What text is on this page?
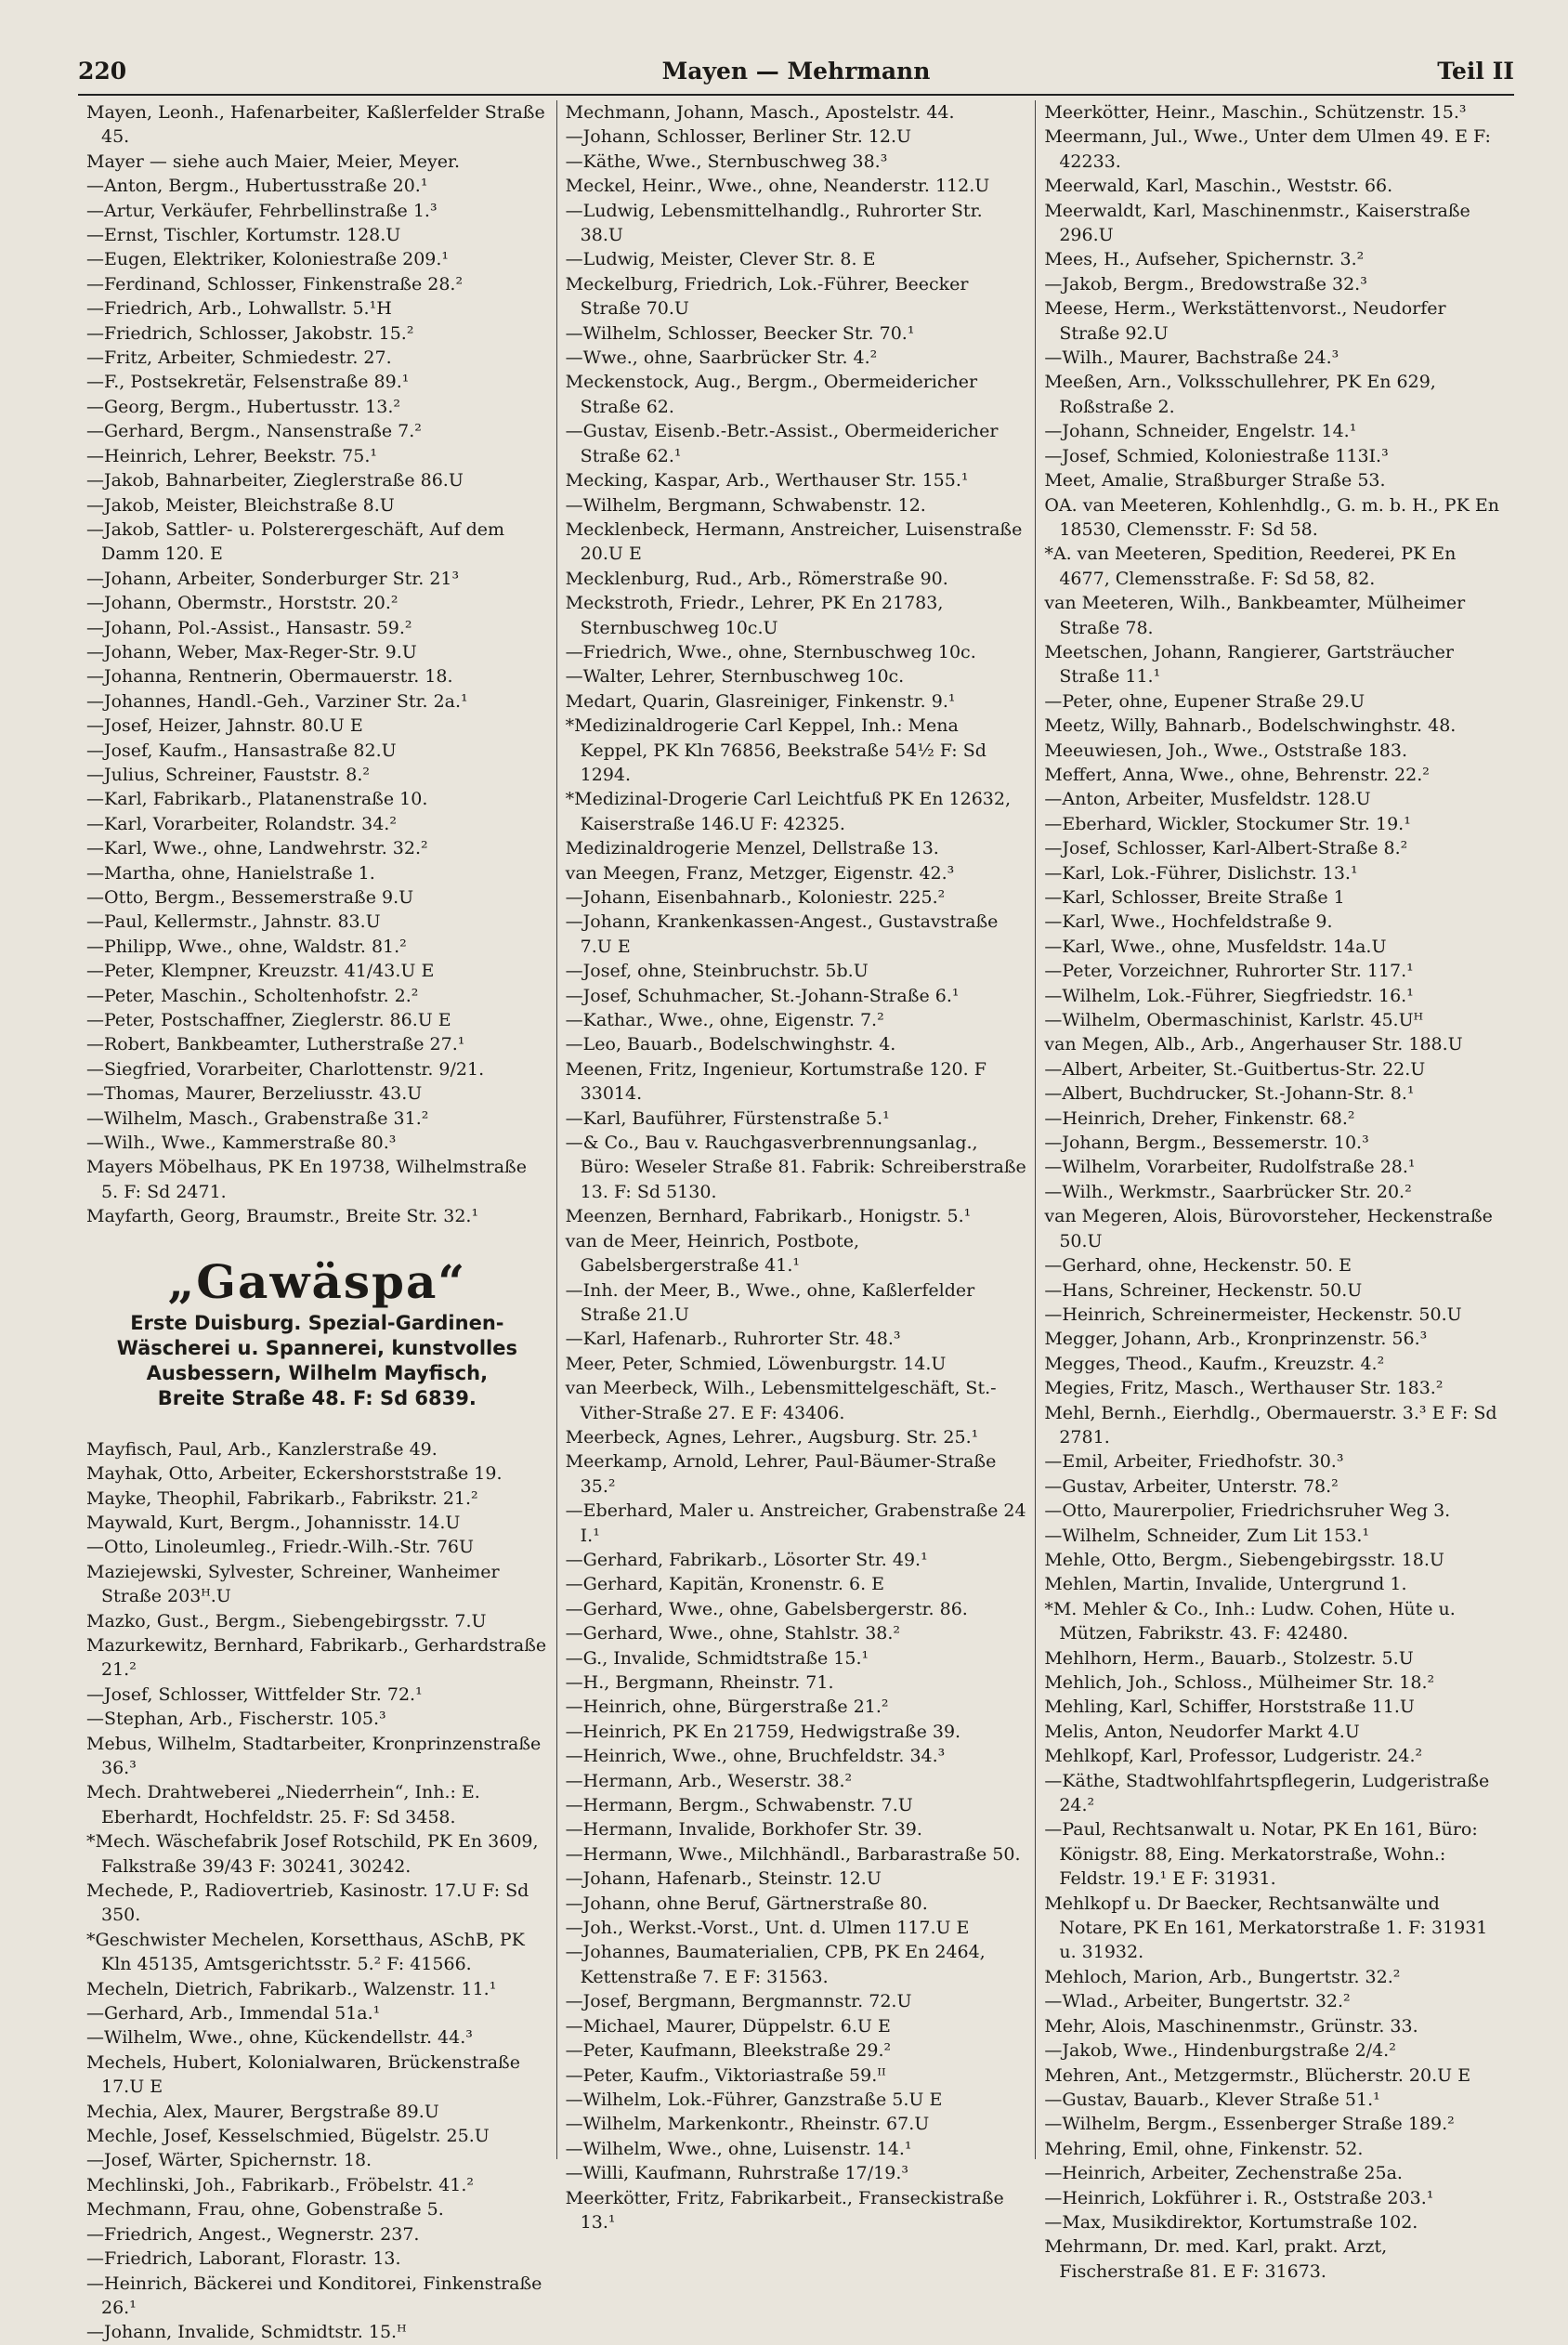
220	Mayen — Mehrmann	Teil II

Mayen, Leonh., Hafenarbeiter, Kaßlerfelder Straße 45.

Mayer — siehe auch Maier, Meier, Meyer.

—Anton, Bergm., Hubertusstraße 20.¹

—Artur, Verkäufer, Fehrbellinstraße 1.³

—Ernst, Tischler, Kortumstr. 128.U

—Eugen, Elektriker, Koloniestraße 209.¹

—Ferdinand, Schlosser, Finkenstraße 28.²

—Friedrich, Arb., Lohwallstr. 5.¹H

—Friedrich, Schlosser, Jakobstr. 15.²

—Fritz, Arbeiter, Schmiedestr. 27.

—F., Postsekretär, Felsenstraße 89.¹

—Georg, Bergm., Hubertusstr. 13.²

—Gerhard, Bergm., Nansenstraße 7.²

—Heinrich, Lehrer, Beekstr. 75.¹

—Jakob, Bahnarbeiter, Zieglerstraße 86.U

—Jakob, Meister, Bleichstraße 8.U

—Jakob, Sattler- u. Polsterergeschäft, Auf dem Damm 120. E

—Johann, Arbeiter, Sonderburger Str. 21³

—Johann, Obermstr., Horststr. 20.²

—Johann, Pol.-Assist., Hansastr. 59.²

—Johann, Weber, Max-Reger-Str. 9.U

—Johanna, Rentnerin, Obermauerstr. 18.

—Johannes, Handl.-Geh., Varziner Str. 2a.¹

—Josef, Heizer, Jahnstr. 80.U E

—Josef, Kaufm., Hansastraße 82.U

—Julius, Schreiner, Fauststr. 8.²

—Karl, Fabrikarb., Platanenstraße 10.

—Karl, Vorarbeiter, Rolandstr. 34.²

—Karl, Wwe., ohne, Landwehrstr. 32.²

—Martha, ohne, Hanielstraße 1.

—Otto, Bergm., Bessemerstraße 9.U

—Paul, Kellermstr., Jahnstr. 83.U

—Philipp, Wwe., ohne, Waldstr. 81.²

—Peter, Klempner, Kreuzstr. 41/43.U E

—Peter, Maschin., Scholtenhofstr. 2.²

—Peter, Postschaffner, Zieglerstr. 86.U E

—Robert, Bankbeamter, Lutherstraße 27.¹

—Siegfried, Vorarbeiter, Charlottenstr. 9/21.

—Thomas, Maurer, Berzeliusstr. 43.U

—Wilhelm, Masch., Grabenstraße 31.²

—Wilh., Wwe., Kammerstraße 80.³

Mayers Möbelhaus, PK En 19738, Wilhelmstraße 5. F: Sd 2471.

Mayfarth, Georg, Braumstr., Breite Str. 32.¹

„Gawäspa“
Erste Duisburg. Spezial-Gardinen-
Wäscherei u. Spannerei, kunstvolles
Ausbessern, Wilhelm Mayfisch,
Breite Straße 48. F: Sd 6839.

Mayfisch, Paul, Arb., Kanzlerstraße 49.

Mayhak, Otto, Arbeiter, Eckershorststraße 19.

Mayke, Theophil, Fabrikarb., Fabrikstr. 21.²

Maywald, Kurt, Bergm., Johannisstr. 14.U

—Otto, Linoleumleg., Friedr.-Wilh.-Str. 76U

Maziejewski, Sylvester, Schreiner, Wanheimer Straße 203ᴴ.U

Mazko, Gust., Bergm., Siebengebirgsstr. 7.U

Mazurkewitz, Bernhard, Fabrikarb., Gerhardstraße 21.²

—Josef, Schlosser, Wittfelder Str. 72.¹

—Stephan, Arb., Fischerstr. 105.³

Mebus, Wilhelm, Stadtarbeiter, Kronprinzenstraße 36.³

Mech. Drahtweberei „Niederrhein“, Inh.: E. Eberhardt, Hochfeldstr. 25. F: Sd 3458.

*Mech. Wäschefabrik Josef Rotschild, PK En 3609, Falkstraße 39/43 F: 30241, 30242.

Mechede, P., Radiovertrieb, Kasinostr. 17.U F: Sd 350.

*Geschwister Mechelen, Korsetthaus, ASchB, PK Kln 45135, Amtsgerichtsstr. 5.² F: 41566.

Mecheln, Dietrich, Fabrikarb., Walzenstr. 11.¹

—Gerhard, Arb., Immendal 51a.¹

—Wilhelm, Wwe., ohne, Kückendellstr. 44.³

Mechels, Hubert, Kolonialwaren, Brückenstraße 17.U E

Mechia, Alex, Maurer, Bergstraße 89.U

Mechle, Josef, Kesselschmied, Bügelstr. 25.U

—Josef, Wärter, Spichernstr. 18.

Mechlinski, Joh., Fabrikarb., Fröbelstr. 41.²

Mechmann, Frau, ohne, Gobenstraße 5.

—Friedrich, Angest., Wegnerstr. 237.

—Friedrich, Laborant, Florastr. 13.

—Heinrich, Bäckerei und Konditorei, Finkenstraße 26.¹

—Johann, Invalide, Schmidtstr. 15.ᴴ

Mechmann, Johann, Masch., Apostelstr. 44.

—Johann, Schlosser, Berliner Str. 12.U

—Käthe, Wwe., Sternbuschweg 38.³

Meckel, Heinr., Wwe., ohne, Neanderstr. 112.U

—Ludwig, Lebensmittelhandlg., Ruhrorter Str. 38.U

—Ludwig, Meister, Clever Str. 8. E

Meckelburg, Friedrich, Lok.-Führer, Beecker Straße 70.U

—Wilhelm, Schlosser, Beecker Str. 70.¹

—Wwe., ohne, Saarbrücker Str. 4.²

Meckenstock, Aug., Bergm., Obermeidericher Straße 62.

—Gustav, Eisenb.-Betr.-Assist., Obermeidericher Straße 62.¹

Mecking, Kaspar, Arb., Werthauser Str. 155.¹

—Wilhelm, Bergmann, Schwabenstr. 12.

Mecklenbeck, Hermann, Anstreicher, Luisenstraße 20.U E

Mecklenburg, Rud., Arb., Römerstraße 90.

Meckstroth, Friedr., Lehrer, PK En 21783, Sternbuschweg 10c.U

—Friedrich, Wwe., ohne, Sternbuschweg 10c.

—Walter, Lehrer, Sternbuschweg 10c.

Medart, Quarin, Glasreiniger, Finkenstr. 9.¹

*Medizinaldrogerie Carl Keppel, Inh.: Mena Keppel, PK Kln 76856, Beekstraße 54½ F: Sd 1294.

*Medizinal-Drogerie Carl Leichtfuß PK En 12632, Kaiserstraße 146.U F: 42325.

Medizinaldrogerie Menzel, Dellstraße 13.

van Meegen, Franz, Metzger, Eigenstr. 42.³

—Johann, Eisenbahnarb., Koloniestr. 225.²

—Johann, Krankenkassen-Angest., Gustavstraße 7.U E

—Josef, ohne, Steinbruchstr. 5b.U

—Josef, Schuhmacher, St.-Johann-Straße 6.¹

—Kathar., Wwe., ohne, Eigenstr. 7.²

—Leo, Bauarb., Bodelschwinghstr. 4.

Meenen, Fritz, Ingenieur, Kortumstraße 120. F 33014.

—Karl, Bauführer, Fürstenstraße 5.¹

—& Co., Bau v. Rauchgasverbrennungsanlag., Büro: Weseler Straße 81. Fabrik: Schreiberstraße 13. F: Sd 5130.

Meenzen, Bernhard, Fabrikarb., Honigstr. 5.¹

van de Meer, Heinrich, Postbote, Gabelsbergerstraße 41.¹

—Inh. der Meer, B., Wwe., ohne, Kaßlerfelder Straße 21.U

—Karl, Hafenarb., Ruhrorter Str. 48.³

Meer, Peter, Schmied, Löwenburgstr. 14.U

van Meerbeck, Wilh., Lebensmittelgeschäft, St.-Vither-Straße 27. E F: 43406.

Meerbeck, Agnes, Lehrer., Augsburg. Str. 25.¹

Meerkamp, Arnold, Lehrer, Paul-Bäumer-Straße 35.²

—Eberhard, Maler u. Anstreicher, Grabenstraße 24 I.¹

—Gerhard, Fabrikarb., Lösorter Str. 49.¹

—Gerhard, Kapitän, Kronenstr. 6. E

—Gerhard, Wwe., ohne, Gabelsbergerstr. 86.

—Gerhard, Wwe., ohne, Stahlstr. 38.²

—G., Invalide, Schmidtstraße 15.¹

—H., Bergmann, Rheinstr. 71.

—Heinrich, ohne, Bürgerstraße 21.²

—Heinrich, PK En 21759, Hedwigstraße 39.

—Heinrich, Wwe., ohne, Bruchfeldstr. 34.³

—Hermann, Arb., Weserstr. 38.²

—Hermann, Bergm., Schwabenstr. 7.U

—Hermann, Invalide, Borkhofer Str. 39.

—Hermann, Wwe., Milchhändl., Barbarastraße 50.

—Johann, Hafenarb., Steinstr. 12.U

—Johann, ohne Beruf, Gärtnerstraße 80.

—Joh., Werkst.-Vorst., Unt. d. Ulmen 117.U E

—Johannes, Baumaterialien, CPB, PK En 2464, Kettenstraße 7. E F: 31563.

—Josef, Bergmann, Bergmannstr. 72.U

—Michael, Maurer, Düppelstr. 6.U E

—Peter, Kaufmann, Bleekstraße 29.²

—Peter, Kaufm., Viktoriastraße 59.ᴵᴵ

—Wilhelm, Lok.-Führer, Ganzstraße 5.U E

—Wilhelm, Markenkontr., Rheinstr. 67.U

—Wilhelm, Wwe., ohne, Luisenstr. 14.¹

—Willi, Kaufmann, Ruhrstraße 17/19.³

Meerkötter, Fritz, Fabrikarbeit., Franseckistraße 13.¹

Meerkötter, Heinr., Maschin., Schützenstr. 15.³

Meermann, Jul., Wwe., Unter dem Ulmen 49. E F: 42233.

Meerwald, Karl, Maschin., Weststr. 66.

Meerwaldt, Karl, Maschinenmstr., Kaiserstraße 296.U

Mees, H., Aufseher, Spichernstr. 3.²

—Jakob, Bergm., Bredowstraße 32.³

Meese, Herm., Werkstättenvorst., Neudorfer Straße 92.U

—Wilh., Maurer, Bachstraße 24.³

Meeßen, Arn., Volksschullehrer, PK En 629, Roßstraße 2.

—Johann, Schneider, Engelstr. 14.¹

—Josef, Schmied, Koloniestraße 113I.³

Meet, Amalie, Straßburger Straße 53.

OA. van Meeteren, Kohlenhdlg., G. m. b. H., PK En 18530, Clemensstr. F: Sd 58.

*A. van Meeteren, Spedition, Reederei, PK En 4677, Clemensstraße. F: Sd 58, 82.

van Meeteren, Wilh., Bankbeamter, Mülheimer Straße 78.

Meetschen, Johann, Rangierer, Gartsträucher Straße 11.¹

—Peter, ohne, Eupener Straße 29.U

Meetz, Willy, Bahnarb., Bodelschwinghstr. 48.

Meeuwiesen, Joh., Wwe., Oststraße 183.

Meffert, Anna, Wwe., ohne, Behrenstr. 22.²

—Anton, Arbeiter, Musfeldstr. 128.U

—Eberhard, Wickler, Stockumer Str. 19.¹

—Josef, Schlosser, Karl-Albert-Straße 8.²

—Karl, Lok.-Führer, Dislichstr. 13.¹

—Karl, Schlosser, Breite Straße 1

—Karl, Wwe., Hochfeldstraße 9.

—Karl, Wwe., ohne, Musfeldstr. 14a.U

—Peter, Vorzeichner, Ruhrorter Str. 117.¹

—Wilhelm, Lok.-Führer, Siegfriedstr. 16.¹

—Wilhelm, Obermaschinist, Karlstr. 45.Uᴴ

van Megen, Alb., Arb., Angerhauser Str. 188.U

—Albert, Arbeiter, St.-Guitbertus-Str. 22.U

—Albert, Buchdrucker, St.-Johann-Str. 8.¹

—Heinrich, Dreher, Finkenstr. 68.²

—Johann, Bergm., Bessemerstr. 10.³

—Wilhelm, Vorarbeiter, Rudolfstraße 28.¹

—Wilh., Werkmstr., Saarbrücker Str. 20.²

van Megeren, Alois, Bürovorsteher, Heckenstraße 50.U

—Gerhard, ohne, Heckenstr. 50. E

—Hans, Schreiner, Heckenstr. 50.U

—Heinrich, Schreinermeister, Heckenstr. 50.U

Megger, Johann, Arb., Kronprinzenstr. 56.³

Megges, Theod., Kaufm., Kreuzstr. 4.²

Megies, Fritz, Masch., Werthauser Str. 183.²

Mehl, Bernh., Eierhdlg., Obermauerstr. 3.³ E F: Sd 2781.

—Emil, Arbeiter, Friedhofstr. 30.³

—Gustav, Arbeiter, Unterstr. 78.²

—Otto, Maurerpolier, Friedrichsruher Weg 3.

—Wilhelm, Schneider, Zum Lit 153.¹

Mehle, Otto, Bergm., Siebengebirgsstr. 18.U

Mehlen, Martin, Invalide, Untergrund 1.

*M. Mehler & Co., Inh.: Ludw. Cohen, Hüte u. Mützen, Fabrikstr. 43. F: 42480.

Mehlhorn, Herm., Bauarb., Stolzestr. 5.U

Mehlich, Joh., Schloss., Mülheimer Str. 18.²

Mehling, Karl, Schiffer, Horststraße 11.U

Melis, Anton, Neudorfer Markt 4.U

Mehlkopf, Karl, Professor, Ludgeristr. 24.²

—Käthe, Stadtwohlfahrtspflegerin, Ludgeristraße 24.²

—Paul, Rechtsanwalt u. Notar, PK En 161, Büro: Königstr. 88, Eing. Merkatorstraße, Wohn.: Feldstr. 19.¹ E F: 31931.

Mehlkopf u. Dr Baecker, Rechtsanwälte und Notare, PK En 161, Merkatorstraße 1. F: 31931 u. 31932.

Mehloch, Marion, Arb., Bungertstr. 32.²

—Wlad., Arbeiter, Bungertstr. 32.²

Mehr, Alois, Maschinenmstr., Grünstr. 33.

—Jakob, Wwe., Hindenburgstraße 2/4.²

Mehren, Ant., Metzgermstr., Blücherstr. 20.U E

—Gustav, Bauarb., Klever Straße 51.¹

—Wilhelm, Bergm., Essenberger Straße 189.²

Mehring, Emil, ohne, Finkenstr. 52.

—Heinrich, Arbeiter, Zechenstraße 25a.

—Heinrich, Lokführer i. R., Oststraße 203.¹

—Max, Musikdirektor, Kortumstraße 102.

Mehrmann, Dr. med. Karl, prakt. Arzt, Fischerstraße 81. E F: 31673.
